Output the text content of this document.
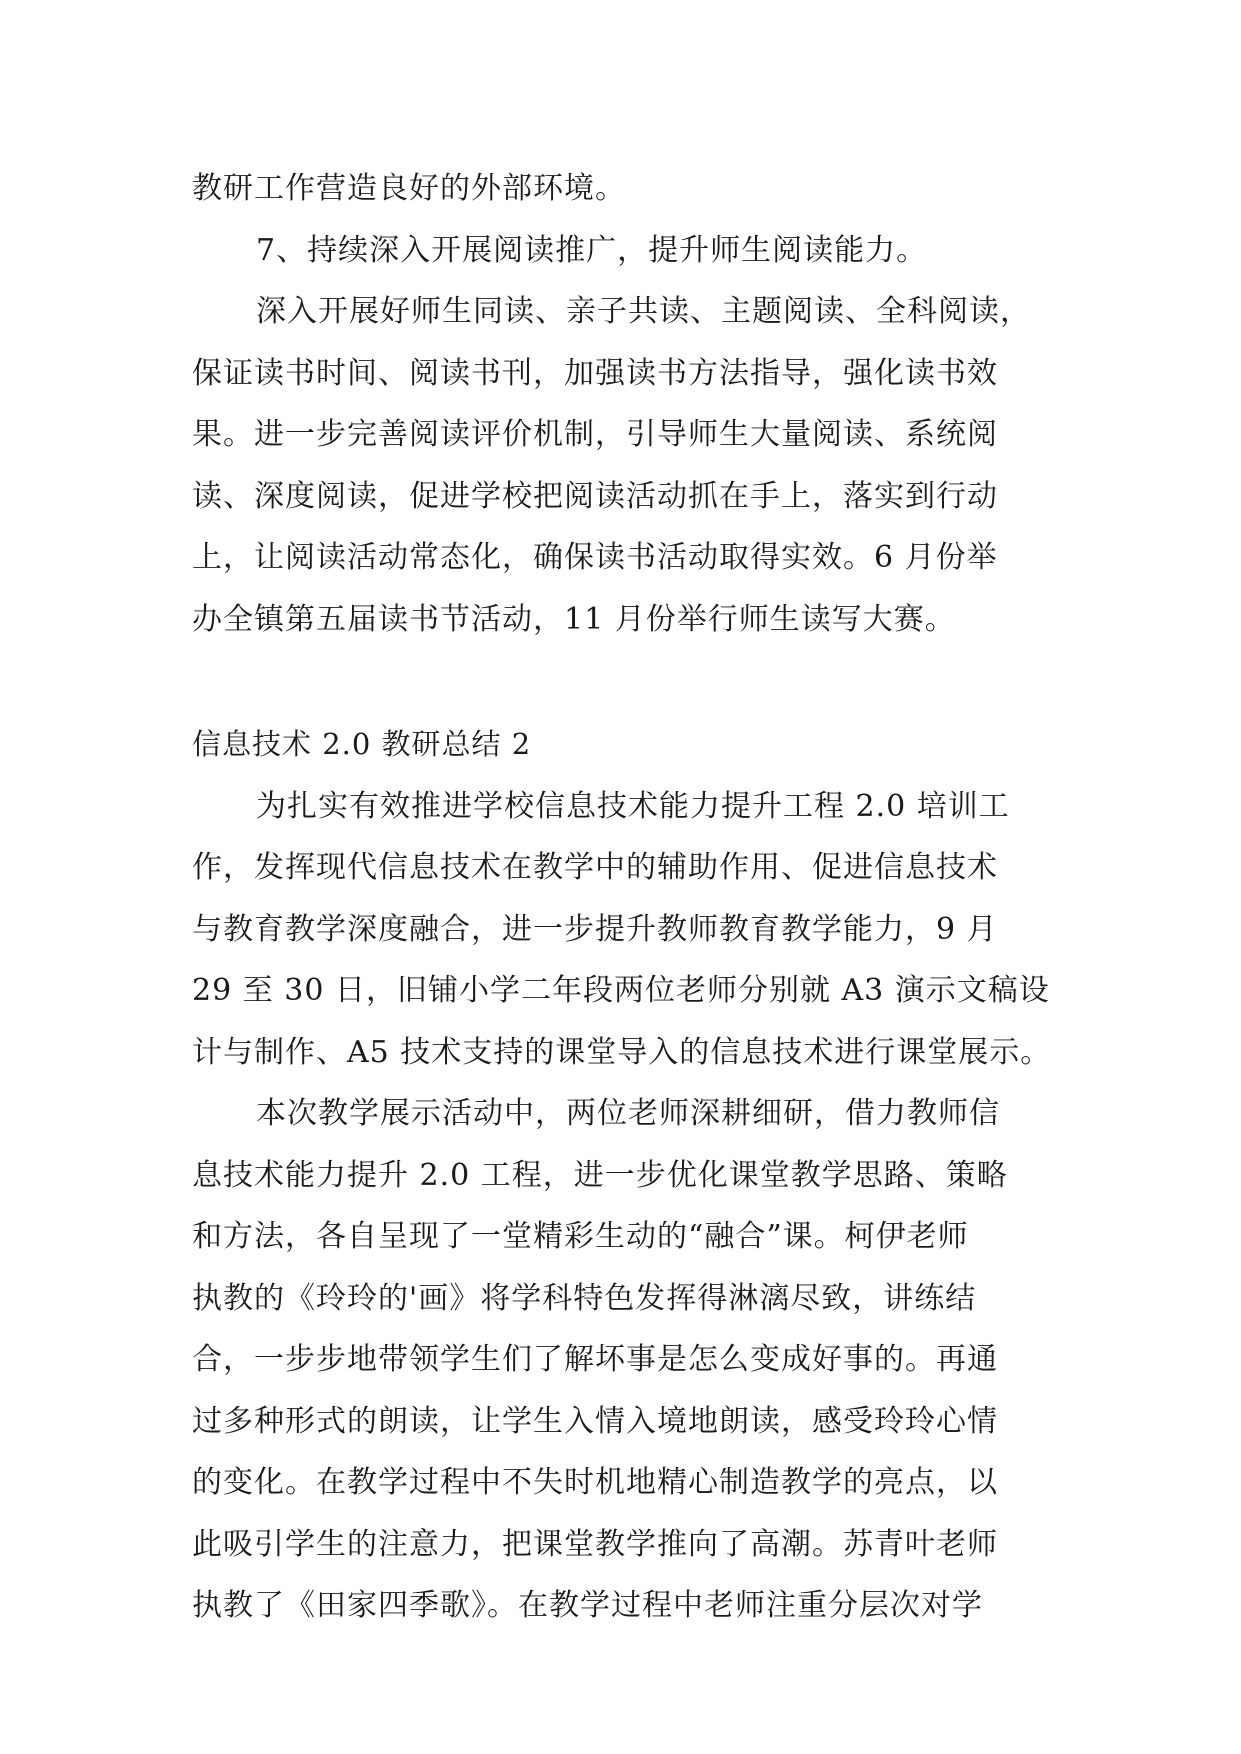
教研工作营造良好的外部环境。
7、持续深入开展阅读推广，提升师生阅读能力。
深入开展好师生同读、亲子共读、主题阅读、全科阅读，
保证读书时间、阅读书刊，加强读书方法指导，强化读书效
果。进一步完善阅读评价机制，引导师生大量阅读、系统阅
读、深度阅读，促进学校把阅读活动抓在手上，落实到行动
上，让阅读活动常态化，确保读书活动取得实效。6 月份举
办全镇第五届读书节活动，11 月份举行师生读写大赛。
信息技术 2.0 教研总结 2
为扎实有效推进学校信息技术能力提升工程 2.0 培训工
作，发挥现代信息技术在教学中的辅助作用、促进信息技术
与教育教学深度融合，进一步提升教师教育教学能力，9 月
29 至 30 日，旧铺小学二年段两位老师分别就 A3 演示文稿设
计与制作、A5 技术支持的课堂导入的信息技术进行课堂展示。
本次教学展示活动中，两位老师深耕细研，借力教师信
息技术能力提升 2.0 工程，进一步优化课堂教学思路、策略
和方法，各自呈现了一堂精彩生动的“融合”课。柯伊老师
执教的《玲玲的'画》将学科特色发挥得淋漓尽致，讲练结
合，一步步地带领学生们了解坏事是怎么变成好事的。再通
过多种形式的朗读，让学生入情入境地朗读，感受玲玲心情
的变化。在教学过程中不失时机地精心制造教学的亮点，以
此吸引学生的注意力，把课堂教学推向了高潮。苏青叶老师
执教了《田家四季歌》。在教学过程中老师注重分层次对学
